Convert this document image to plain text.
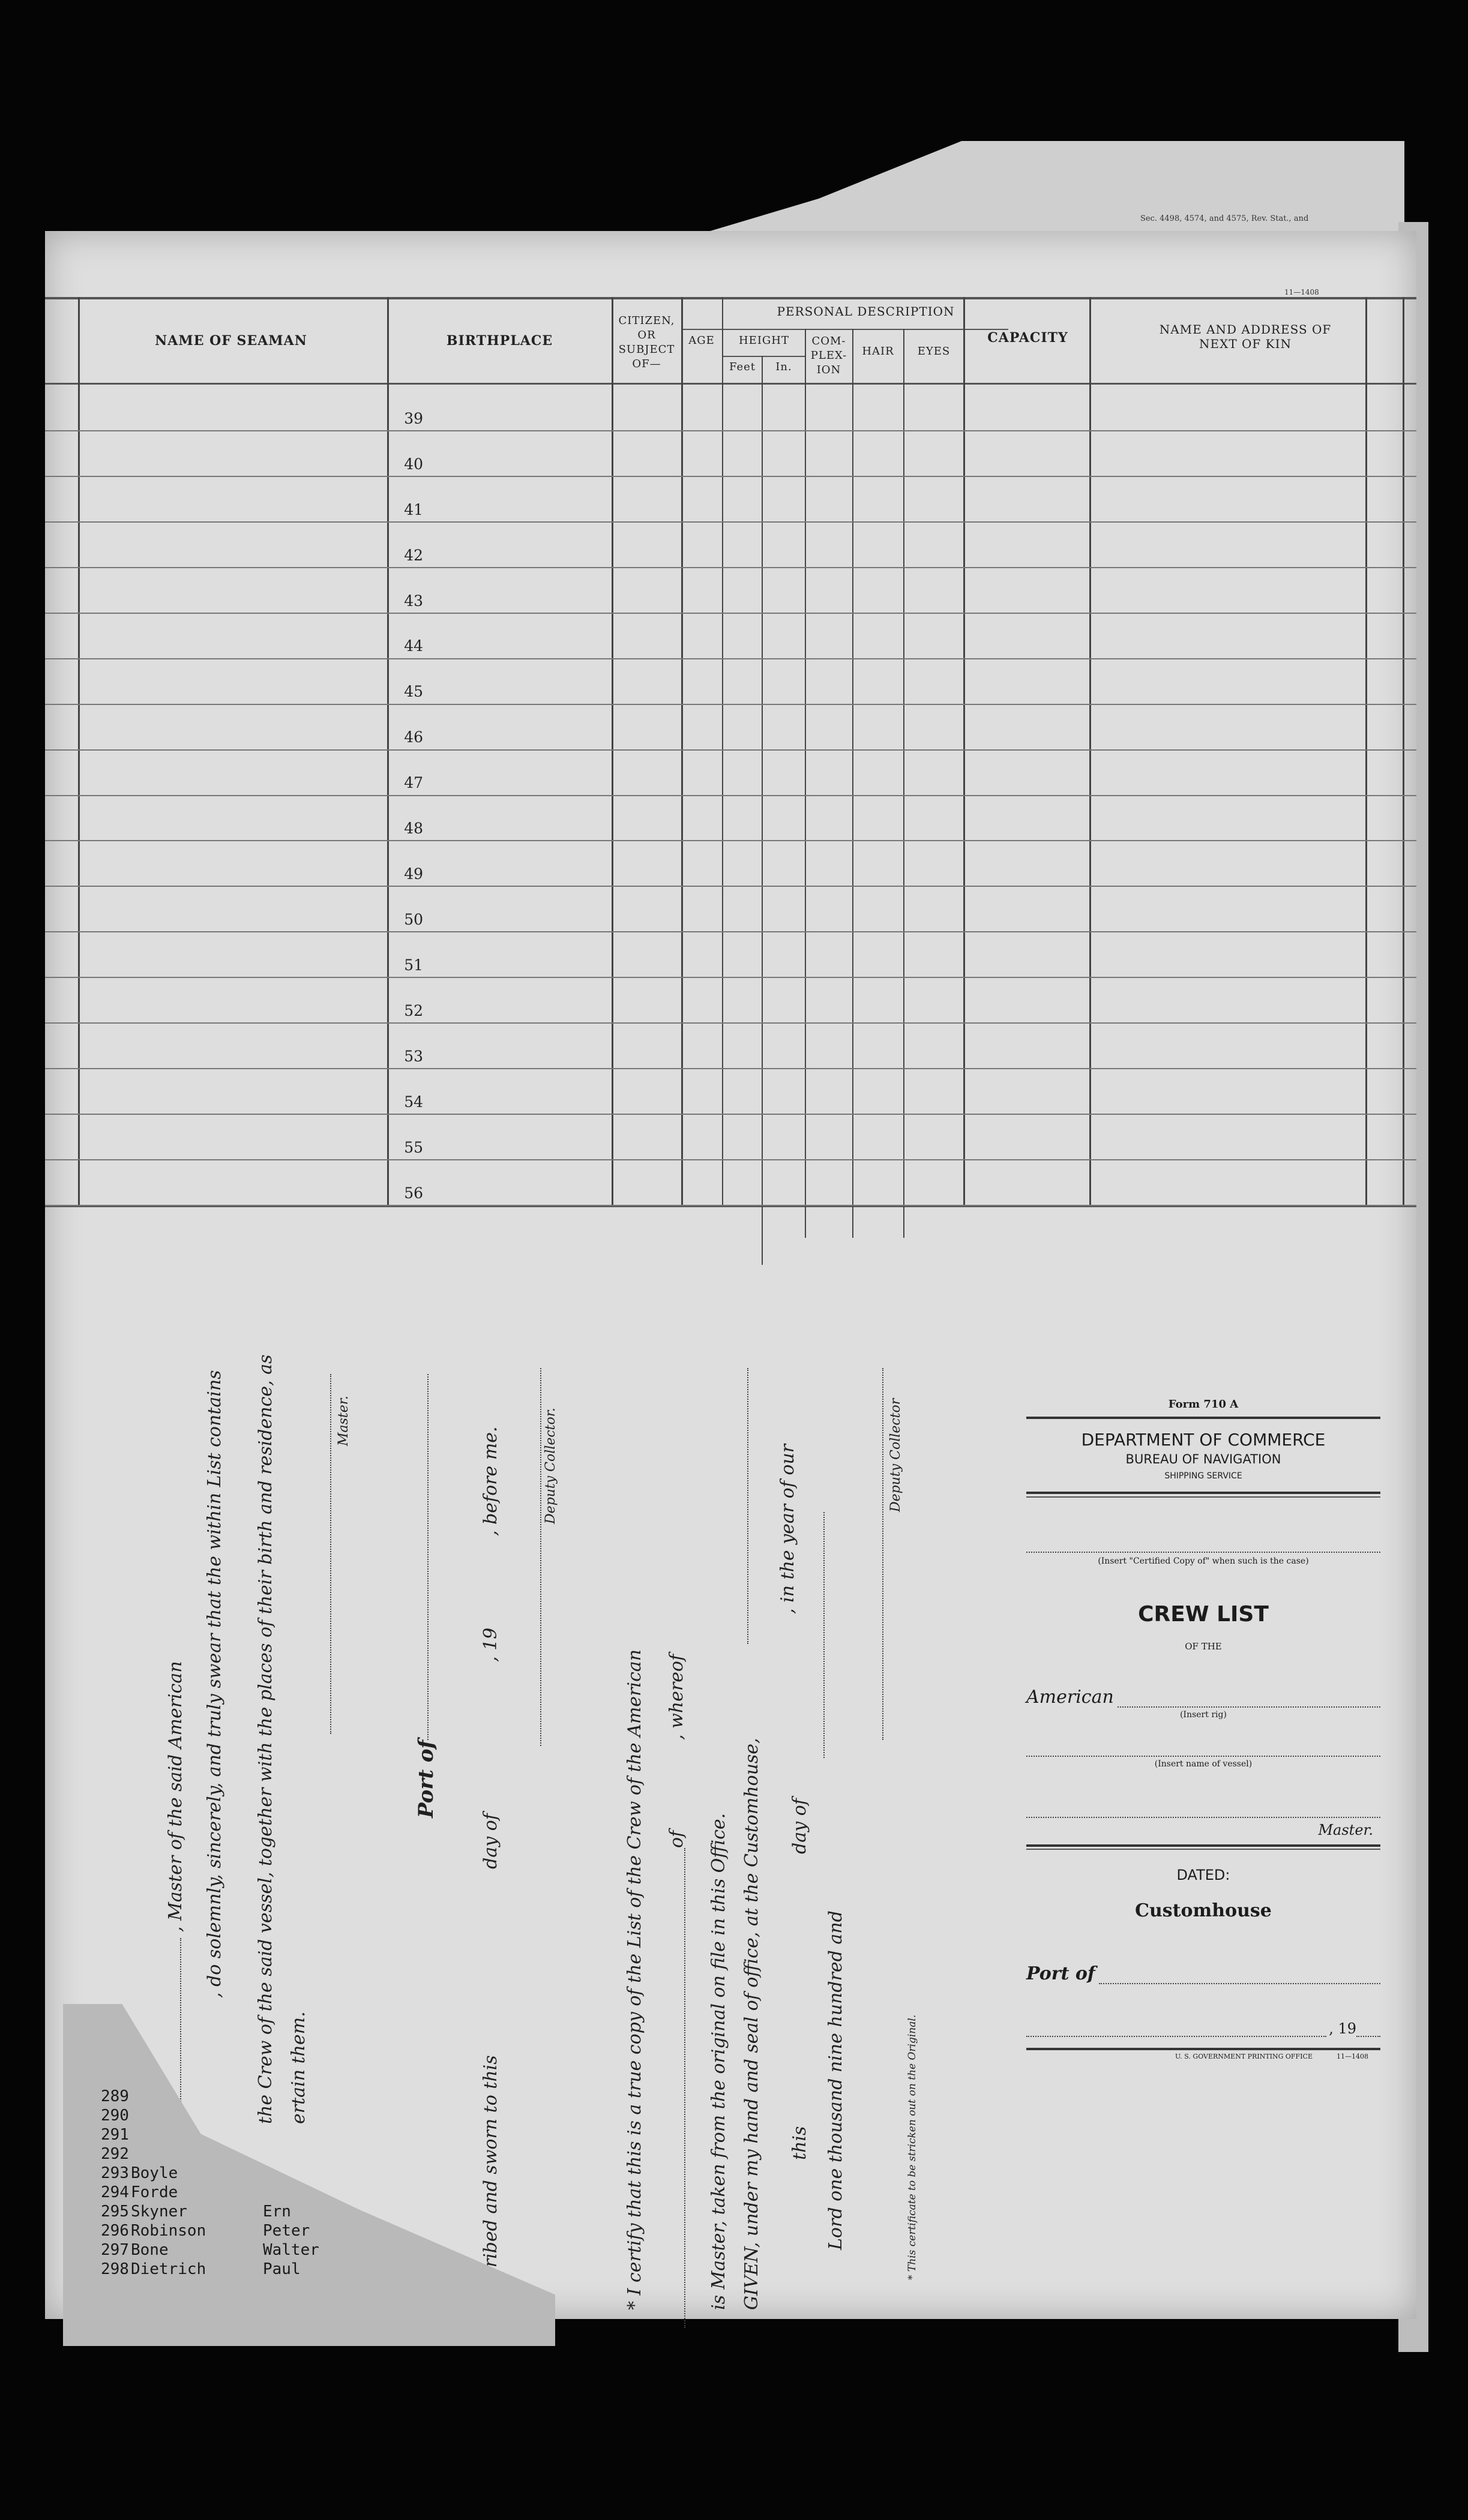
Sec. 4498, 4574, and 4575, Rev. Stat., and
11—1408
NAME OF SEAMAN	BIRTHPLACE
CITIZEN, OR SUBJECT OF—
AGE
PERSONAL DESCRIPTION
HEIGHT
Feet	In.
COM-PLEX-ION
HAIR	EYES
CAPACITY
NAME AND ADDRESS OF NEXT OF KIN
39
40
41
42
43
44
45
46
47
48
49
50
51
52
53
54
55
56
, Master of the said American , do solemnly, sincerely, and truly swear that the within List contains the Crew of the said vessel, together with the places of their birth and residence, as ertain them.
Master.
Port of
ubscribed and sworn to this
day of
, 19
, before me.	Deputy Collector.
* I certify that this is a true copy of the List of the Crew of the American of
, whereof
is Master, taken from the original on file in this Office. GIVEN, under my hand and seal of office, at the Customhouse,
, in the year of our
this
day of
Lord one thousand nine hundred and
Deputy Collector
* This certificate to be stricken out on the Original.
Form 710 A
DEPARTMENT OF COMMERCE
BUREAU OF NAVIGATION
SHIPPING SERVICE
(Insert "Certified Copy of" when such is the case)
CREW LIST
OF THE
American
(Insert rig)
(Insert name of vessel)
Master.
DATED:
Customhouse
Port of
, 19
U. S. GOVERNMENT PRINTING OFFICE	11—1408
289
290
291
292
293 Boyle
294 Forde
295 Skyner	Ern
296 Robinson	Peter
297 Bone	Walter
298 Dietrich	Paul
